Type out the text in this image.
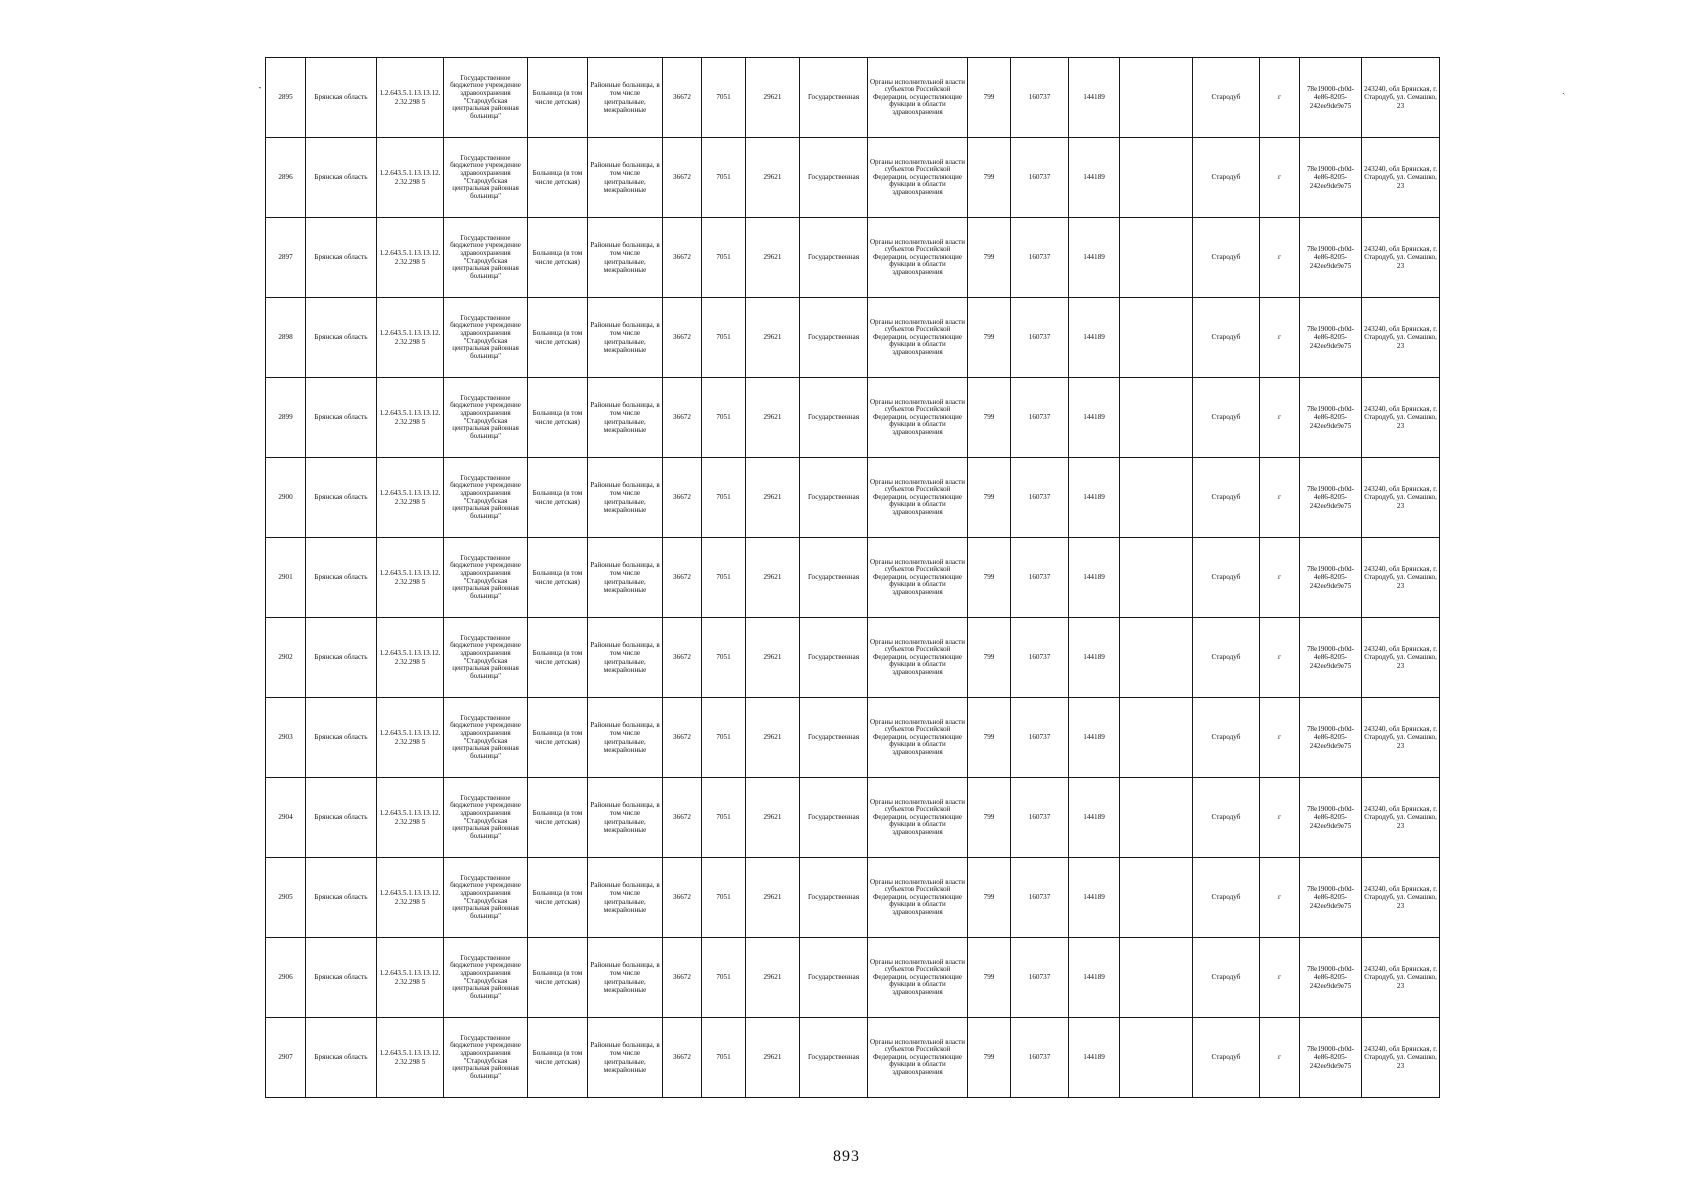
2895	Брянская область	1.2.643.5.1.13.13.12.2.32.298 5	Государственное бюджетное учреждение здравоохранения "Стародубская центральная районная больница"	Больница (в том числе детская)	Районные больницы, в том числе центральные, межрайонные	36672	7051	29621	Государственная	Органы исполнительной власти субъектов Российской Федерации, осуществляющие функции в области здравоохранения	799	160737	144189		Стародуб	г	78e19000-cb0d-4e86-8205-242ee9de9e75	243240, обл Брянская, г. Стародуб, ул. Семашко, 23
2896	Брянская область	1.2.643.5.1.13.13.12.2.32.298 5	Государственное бюджетное учреждение здравоохранения "Стародубская центральная районная больница"	Больница (в том числе детская)	Районные больницы, в том числе центральные, межрайонные	36672	7051	29621	Государственная	Органы исполнительной власти субъектов Российской Федерации, осуществляющие функции в области здравоохранения	799	160737	144189		Стародуб	г	78e19000-cb0d-4e86-8205-242ee9de9e75	243240, обл Брянская, г. Стародуб, ул. Семашко, 23
2897	Брянская область	1.2.643.5.1.13.13.12.2.32.298 5	Государственное бюджетное учреждение здравоохранения "Стародубская центральная районная больница"	Больница (в том числе детская)	Районные больницы, в том числе центральные, межрайонные	36672	7051	29621	Государственная	Органы исполнительной власти субъектов Российской Федерации, осуществляющие функции в области здравоохранения	799	160737	144189		Стародуб	г	78e19000-cb0d-4e86-8205-242ee9de9e75	243240, обл Брянская, г. Стародуб, ул. Семашко, 23
2898	Брянская область	1.2.643.5.1.13.13.12.2.32.298 5	Государственное бюджетное учреждение здравоохранения "Стародубская центральная районная больница"	Больница (в том числе детская)	Районные больницы, в том числе центральные, межрайонные	36672	7051	29621	Государственная	Органы исполнительной власти субъектов Российской Федерации, осуществляющие функции в области здравоохранения	799	160737	144189		Стародуб	г	78e19000-cb0d-4e86-8205-242ee9de9e75	243240, обл Брянская, г. Стародуб, ул. Семашко, 23
2899	Брянская область	1.2.643.5.1.13.13.12.2.32.298 5	Государственное бюджетное учреждение здравоохранения "Стародубская центральная районная больница"	Больница (в том числе детская)	Районные больницы, в том числе центральные, межрайонные	36672	7051	29621	Государственная	Органы исполнительной власти субъектов Российской Федерации, осуществляющие функции в области здравоохранения	799	160737	144189		Стародуб	г	78e19000-cb0d-4e86-8205-242ee9de9e75	243240, обл Брянская, г. Стародуб, ул. Семашко, 23
2900	Брянская область	1.2.643.5.1.13.13.12.2.32.298 5	Государственное бюджетное учреждение здравоохранения "Стародубская центральная районная больница"	Больница (в том числе детская)	Районные больницы, в том числе центральные, межрайонные	36672	7051	29621	Государственная	Органы исполнительной власти субъектов Российской Федерации, осуществляющие функции в области здравоохранения	799	160737	144189		Стародуб	г	78e19000-cb0d-4e86-8205-242ee9de9e75	243240, обл Брянская, г. Стародуб, ул. Семашко, 23
2901	Брянская область	1.2.643.5.1.13.13.12.2.32.298 5	Государственное бюджетное учреждение здравоохранения "Стародубская центральная районная больница"	Больница (в том числе детская)	Районные больницы, в том числе центральные, межрайонные	36672	7051	29621	Государственная	Органы исполнительной власти субъектов Российской Федерации, осуществляющие функции в области здравоохранения	799	160737	144189		Стародуб	г	78e19000-cb0d-4e86-8205-242ee9de9e75	243240, обл Брянская, г. Стародуб, ул. Семашко, 23
2902	Брянская область	1.2.643.5.1.13.13.12.2.32.298 5	Государственное бюджетное учреждение здравоохранения "Стародубская центральная районная больница"	Больница (в том числе детская)	Районные больницы, в том числе центральные, межрайонные	36672	7051	29621	Государственная	Органы исполнительной власти субъектов Российской Федерации, осуществляющие функции в области здравоохранения	799	160737	144189		Стародуб	г	78e19000-cb0d-4e86-8205-242ee9de9e75	243240, обл Брянская, г. Стародуб, ул. Семашко, 23
2903	Брянская область	1.2.643.5.1.13.13.12.2.32.298 5	Государственное бюджетное учреждение здравоохранения "Стародубская центральная районная больница"	Больница (в том числе детская)	Районные больницы, в том числе центральные, межрайонные	36672	7051	29621	Государственная	Органы исполнительной власти субъектов Российской Федерации, осуществляющие функции в области здравоохранения	799	160737	144189		Стародуб	г	78e19000-cb0d-4e86-8205-242ee9de9e75	243240, обл Брянская, г. Стародуб, ул. Семашко, 23
2904	Брянская область	1.2.643.5.1.13.13.12.2.32.298 5	Государственное бюджетное учреждение здравоохранения "Стародубская центральная районная больница"	Больница (в том числе детская)	Районные больницы, в том числе центральные, межрайонные	36672	7051	29621	Государственная	Органы исполнительной власти субъектов Российской Федерации, осуществляющие функции в области здравоохранения	799	160737	144189		Стародуб	г	78e19000-cb0d-4e86-8205-242ee9de9e75	243240, обл Брянская, г. Стародуб, ул. Семашко, 23
2905	Брянская область	1.2.643.5.1.13.13.12.2.32.298 5	Государственное бюджетное учреждение здравоохранения "Стародубская центральная районная больница"	Больница (в том числе детская)	Районные больницы, в том числе центральные, межрайонные	36672	7051	29621	Государственная	Органы исполнительной власти субъектов Российской Федерации, осуществляющие функции в области здравоохранения	799	160737	144189		Стародуб	г	78e19000-cb0d-4e86-8205-242ee9de9e75	243240, обл Брянская, г. Стародуб, ул. Семашко, 23
2906	Брянская область	1.2.643.5.1.13.13.12.2.32.298 5	Государственное бюджетное учреждение здравоохранения "Стародубская центральная районная больница"	Больница (в том числе детская)	Районные больницы, в том числе центральные, межрайонные	36672	7051	29621	Государственная	Органы исполнительной власти субъектов Российской Федерации, осуществляющие функции в области здравоохранения	799	160737	144189		Стародуб	г	78e19000-cb0d-4e86-8205-242ee9de9e75	243240, обл Брянская, г. Стародуб, ул. Семашко, 23
2907	Брянская область	1.2.643.5.1.13.13.12.2.32.298 5	Государственное бюджетное учреждение здравоохранения "Стародубская центральная районная больница"	Больница (в том числе детская)	Районные больницы, в том числе центральные, межрайонные	36672	7051	29621	Государственная	Органы исполнительной власти субъектов Российской Федерации, осуществляющие функции в области здравоохранения	799	160737	144189		Стародуб	г	78e19000-cb0d-4e86-8205-242ee9de9e75	243240, обл Брянская, г. Стародуб, ул. Семашко, 23
˺	ˎ
893
